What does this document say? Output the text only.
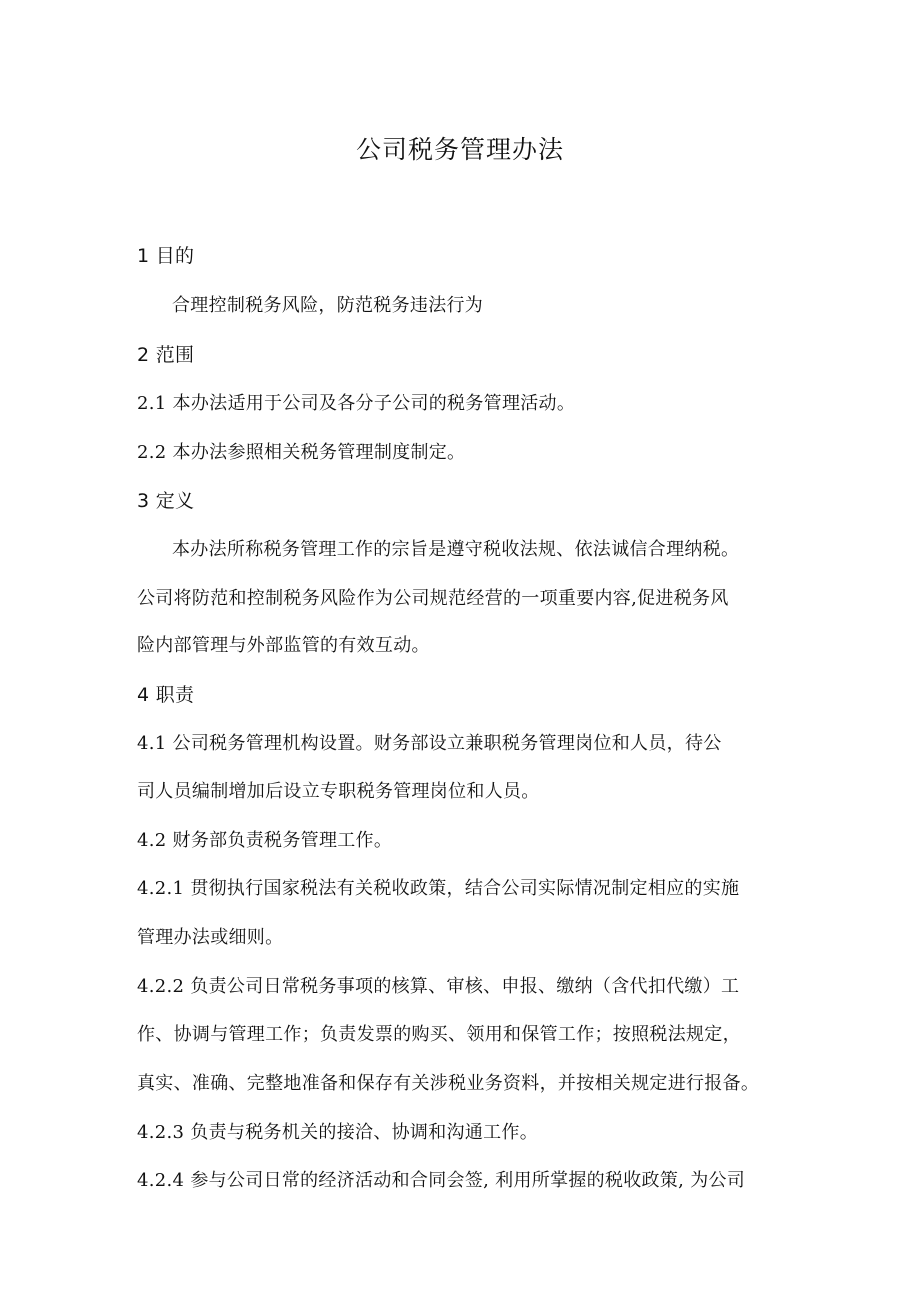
公司税务管理办法
1 目的
合理控制税务风险，防范税务违法行为
2 范围
2.1 本办法适用于公司及各分子公司的税务管理活动。
2.2 本办法参照相关税务管理制度制定。
3 定义
本办法所称税务管理工作的宗旨是遵守税收法规、依法诚信合理纳税。
公司将防范和控制税务风险作为公司规范经营的一项重要内容,促进税务风
险内部管理与外部监管的有效互动。
4 职责
4.1 公司税务管理机构设置。财务部设立兼职税务管理岗位和人员，待公
司人员编制增加后设立专职税务管理岗位和人员。
4.2 财务部负责税务管理工作。
4.2.1 贯彻执行国家税法有关税收政策，结合公司实际情况制定相应的实施
管理办法或细则。
4.2.2 负责公司日常税务事项的核算、审核、申报、缴纳（含代扣代缴）工
作、协调与管理工作；负责发票的购买、领用和保管工作；按照税法规定，
真实、准确、完整地准备和保存有关涉税业务资料，并按相关规定进行报备。
4.2.3 负责与税务机关的接洽、协调和沟通工作。
4.2.4 参与公司日常的经济活动和合同会签, 利用所掌握的税收政策, 为公司
